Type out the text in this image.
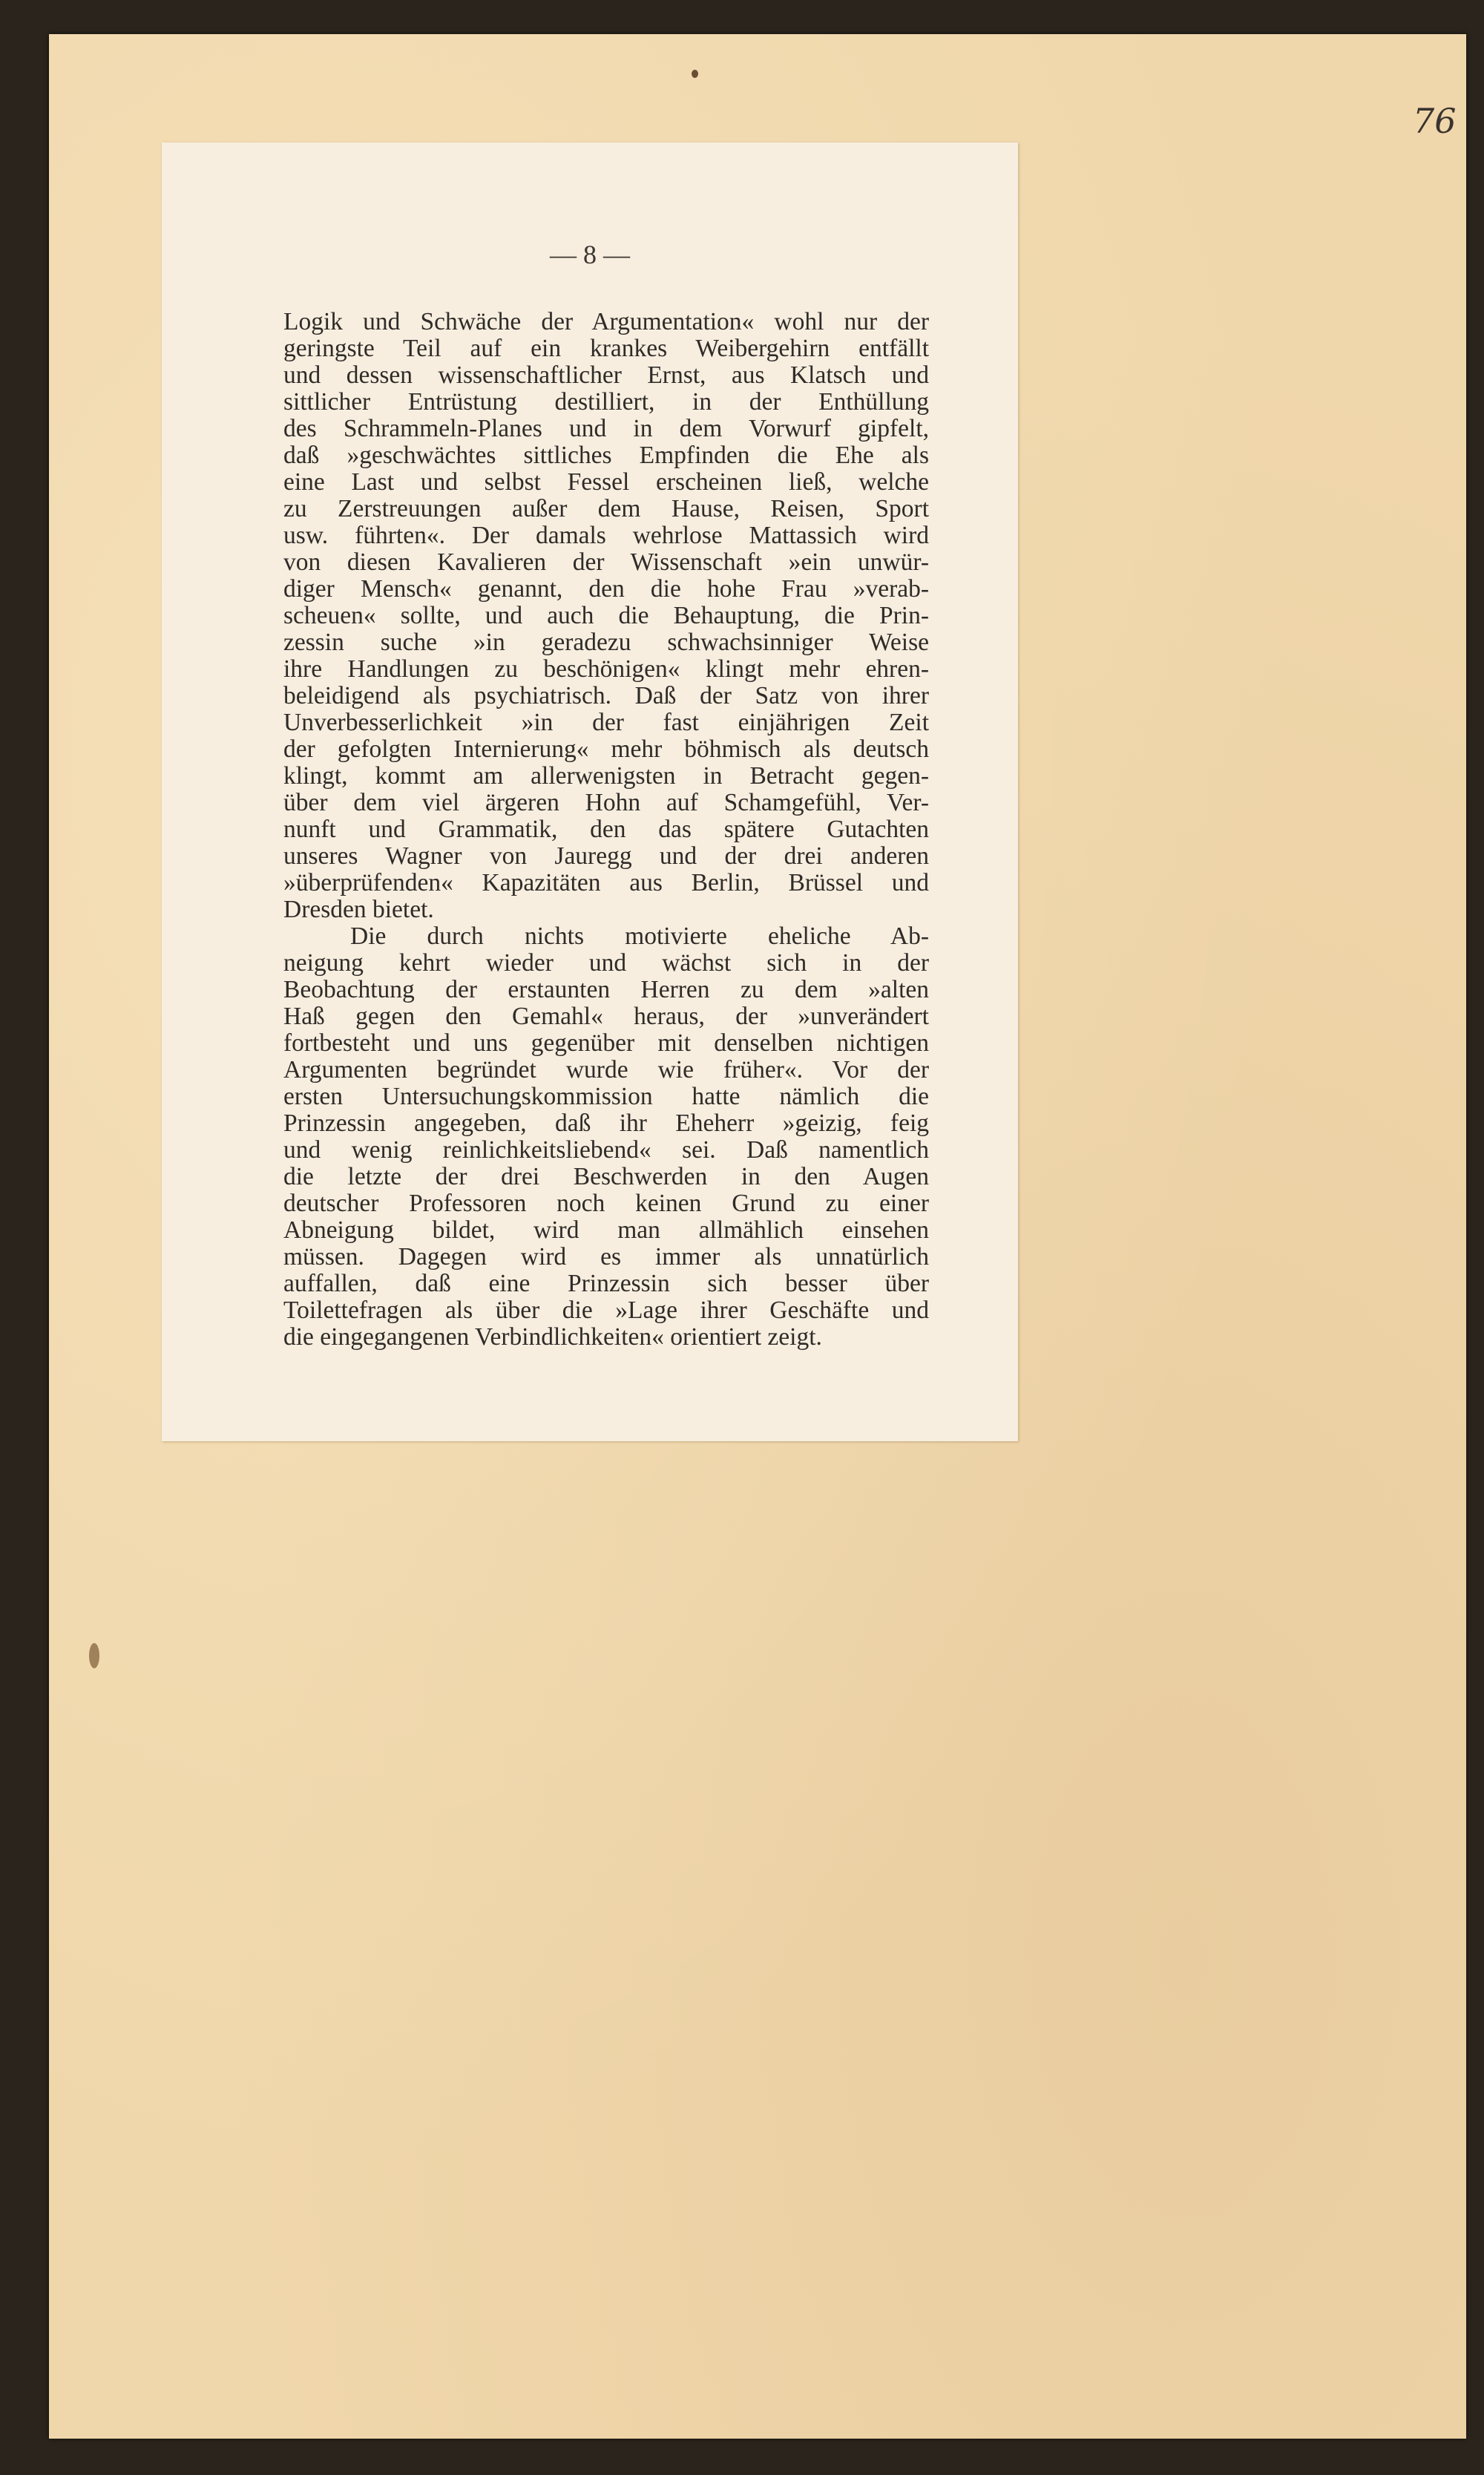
76
— 8 —
Logik und Schwäche der Argumentation« wohl nur der
geringste Teil auf ein krankes Weibergehirn entfällt
und dessen wissenschaftlicher Ernst, aus Klatsch und
sittlicher Entrüstung destilliert, in der Enthüllung
des Schrammeln-Planes und in dem Vorwurf gipfelt,
daß »geschwächtes sittliches Empfinden die Ehe als
eine Last und selbst Fessel erscheinen ließ, welche
zu Zerstreuungen außer dem Hause, Reisen, Sport
usw. führten«. Der damals wehrlose Mattassich wird
von diesen Kavalieren der Wissenschaft »ein unwür-
diger Mensch« genannt, den die hohe Frau »verab-
scheuen« sollte, und auch die Behauptung, die Prin-
zessin suche »in geradezu schwachsinniger Weise
ihre Handlungen zu beschönigen« klingt mehr ehren-
beleidigend als psychiatrisch. Daß der Satz von ihrer
Unverbesserlichkeit »in der fast einjährigen Zeit
der gefolgten Internierung« mehr böhmisch als deutsch
klingt, kommt am allerwenigsten in Betracht gegen-
über dem viel ärgeren Hohn auf Schamgefühl, Ver-
nunft und Grammatik, den das spätere Gutachten
unseres Wagner von Jauregg und der drei anderen
»überprüfenden« Kapazitäten aus Berlin, Brüssel und
Dresden bietet.
Die durch nichts motivierte eheliche Ab-
neigung kehrt wieder und wächst sich in der
Beobachtung der erstaunten Herren zu dem »alten
Haß gegen den Gemahl« heraus, der »unverändert
fortbesteht und uns gegenüber mit denselben nichtigen
Argumenten begründet wurde wie früher«. Vor der
ersten Untersuchungskommission hatte nämlich die
Prinzessin angegeben, daß ihr Eheherr »geizig, feig
und wenig reinlichkeitsliebend« sei. Daß namentlich
die letzte der drei Beschwerden in den Augen
deutscher Professoren noch keinen Grund zu einer
Abneigung bildet, wird man allmählich einsehen
müssen. Dagegen wird es immer als unnatürlich
auffallen, daß eine Prinzessin sich besser über
Toilettefragen als über die »Lage ihrer Geschäfte und
die eingegangenen Verbindlichkeiten« orientiert zeigt.
